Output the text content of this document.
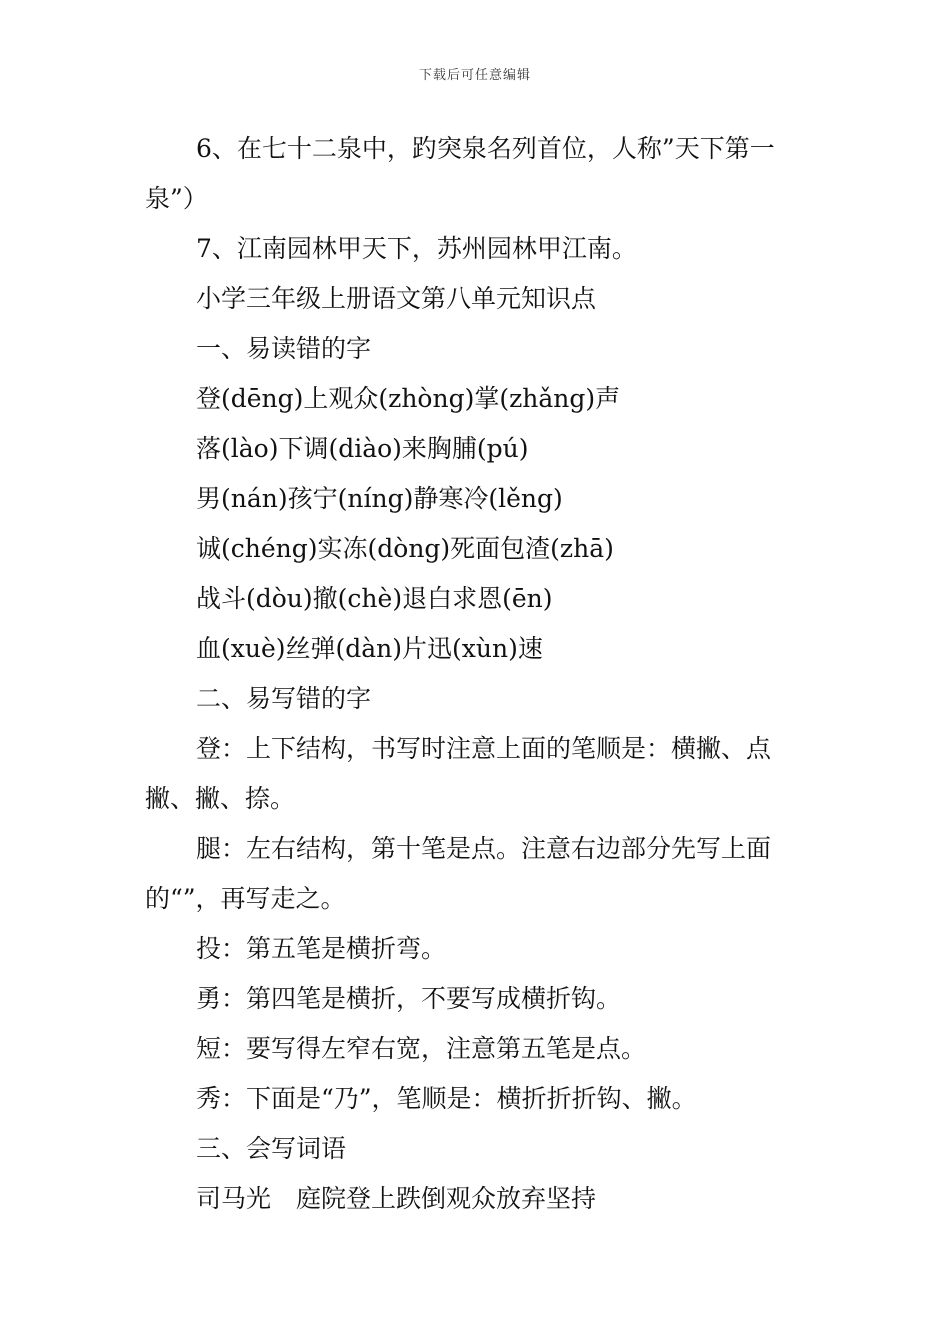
下载后可任意编辑

6、在七十二泉中，趵突泉名列首位，人称”天下第一泉”）

7、江南园林甲天下，苏州园林甲江南。

小学三年级上册语文第八单元知识点

一、易读错的字

登(dēng)上观众(zhòng)掌(zhǎng)声

落(lào)下调(diào)来胸脯(pú)

男(nán)孩宁(níng)静寒冷(lěng)

诚(chéng)实冻(dòng)死面包渣(zhā)

战斗(dòu)撤(chè)退白求恩(ēn)

血(xuè)丝弹(dàn)片迅(xùn)速

二、易写错的字

登：上下结构，书写时注意上面的笔顺是：横撇、点撇、撇、捺。

腿：左右结构，第十笔是点。注意右边部分先写上面的“”，再写走之。

投：第五笔是横折弯。

勇：第四笔是横折，不要写成横折钩。

短：要写得左窄右宽，注意第五笔是点。

秀：下面是“乃”，笔顺是：横折折折钩、撇。

三、会写词语

司马光　庭院登上跌倒观众放弃坚持
